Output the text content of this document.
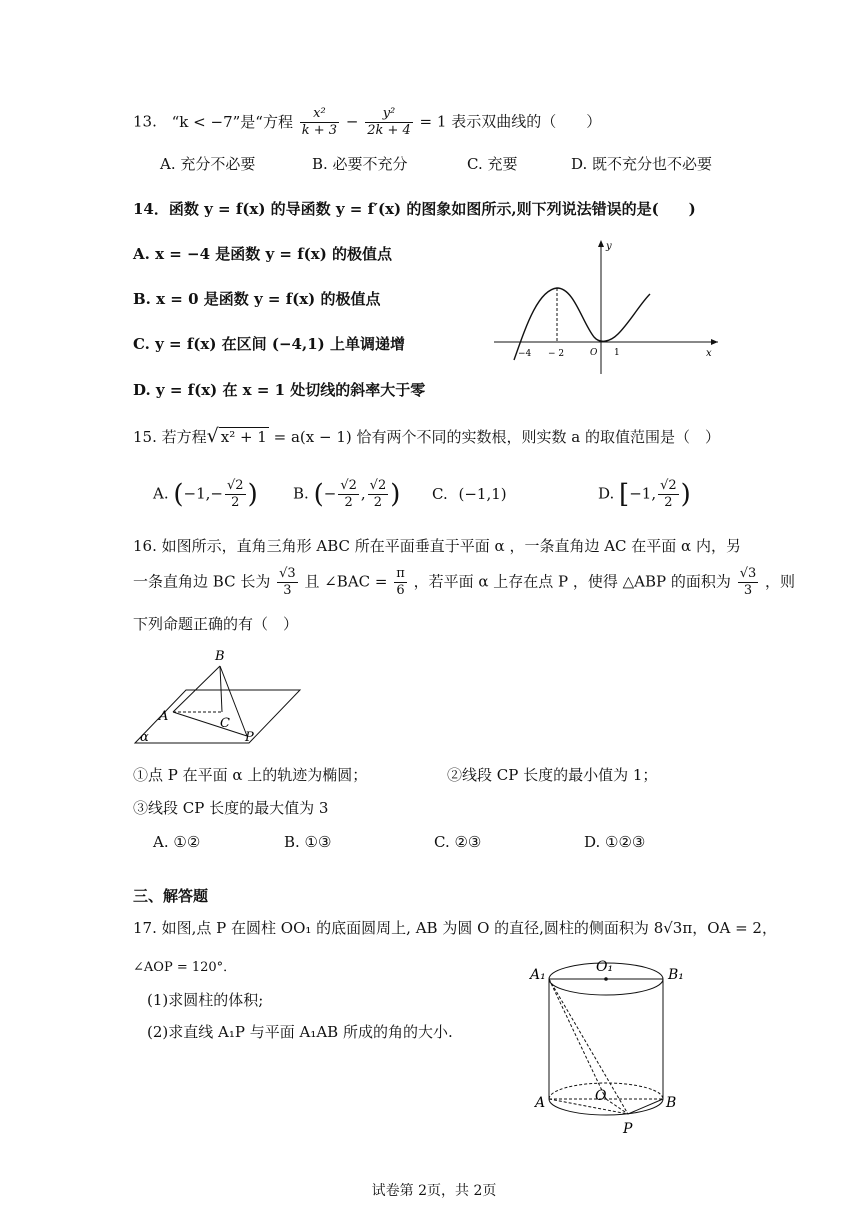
13. “k < −7”是“方程 $\frac{\text{x²}}{k + 3} - \frac{\text{y²}}{2k + 4} = 1$ 表示双曲线的（　　）
A. 充分不必要	B. 必要不充分	C. 充要	D. 既不充分也不必要
14．函数 y = f(x) 的导函数 y = f′(x) 的图象如图所示,则下列说法错误的是(　　)
A. x = −4 是函数 y = f(x) 的极值点
B. x = 0 是函数 y = f(x) 的极值点
C. y = f(x) 在区间 (−4,1) 上单调递增
D. y = f(x) 在 x = 1 处切线的斜率大于零
y
x
−4 − 2	O 1
15. 若方程√ x² + 1 = a(x − 1) 恰有两个不同的实数根，则实数 a 的取值范围是（　）
A. ($-1,- \frac{√2}{2}$ ) B. (− $\frac{√2}{2}$ , $\frac{√2}{2}$ ) C. (−1,1)	D. [−1, $\frac{√2}{2}$ )
16. 如图所示，直角三角形 ABC 所在平面垂直于平面 α ，一条直角边 AC 在平面 α 内，另
一条直角边 BC 长为 $\frac{√3}{3}$ 且 ∠BAC = $\frac{\pi}{6}$ ，若平面 α 上存在点 P ，使得 △ABP 的面积为 $\frac{√3}{3}$ ，则
下列命题正确的有（　）
B
A	C
P
α
①点 P 在平面 α 上的轨迹为椭圆；	②线段 CP 长度的最小值为 1；
③线段 CP 长度的最大值为 3
A. ①②	B. ①③	C. ②③	D. ①②③
三、解答题
17. 如图,点 P 在圆柱 OO₁ 的底面圆周上, AB 为圆 O 的直径,圆柱的侧面积为 8√3π，OA = 2，
∠AOP = 120°．
(1)求圆柱的体积;
(2)求直线 A₁P 与平面 A₁AB 所成的角的大小.
A₁	O₁	B₁
A	O	B
P
试卷第 2页，共 2页
